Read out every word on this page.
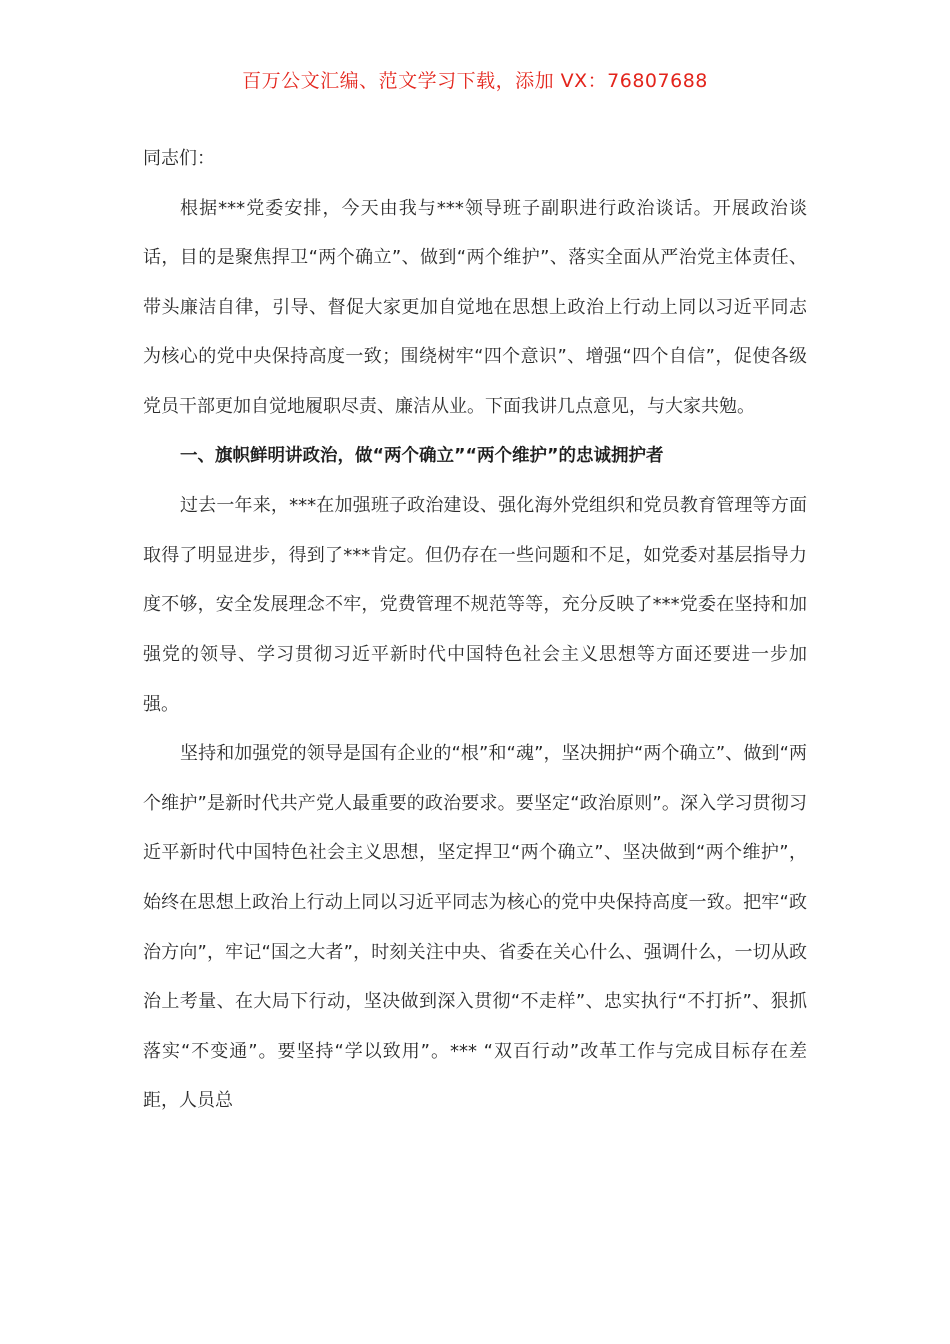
百万公文汇编、范文学习下载，添加 VX：76807688

同志们：

根据***党委安排，今天由我与***领导班子副职进行政治谈话。开展政治谈话，目的是聚焦捍卫“两个确立”、做到“两个维护”、落实全面从严治党主体责任、带头廉洁自律，引导、督促大家更加自觉地在思想上政治上行动上同以习近平同志为核心的党中央保持高度一致；围绕树牢“四个意识”、增强“四个自信”，促使各级党员干部更加自觉地履职尽责、廉洁从业。下面我讲几点意见，与大家共勉。

一、旗帜鲜明讲政治，做“两个确立”“两个维护”的忠诚拥护者

过去一年来，***在加强班子政治建设、强化海外党组织和党员教育管理等方面取得了明显进步，得到了***肯定。但仍存在一些问题和不足，如党委对基层指导力度不够，安全发展理念不牢，党费管理不规范等等，充分反映了***党委在坚持和加强党的领导、学习贯彻习近平新时代中国特色社会主义思想等方面还要进一步加强。

坚持和加强党的领导是国有企业的“根”和“魂”，坚决拥护“两个确立”、做到“两个维护”是新时代共产党人最重要的政治要求。要坚定“政治原则”。深入学习贯彻习近平新时代中国特色社会主义思想，坚定捍卫“两个确立”、坚决做到“两个维护”，始终在思想上政治上行动上同以习近平同志为核心的党中央保持高度一致。把牢“政治方向”，牢记“国之大者”，时刻关注中央、省委在关心什么、强调什么，一切从政治上考量、在大局下行动，坚决做到深入贯彻“不走样”、忠实执行“不打折”、狠抓落实“不变通”。要坚持“学以致用”。*** “双百行动”改革工作与完成目标存在差距，人员总
